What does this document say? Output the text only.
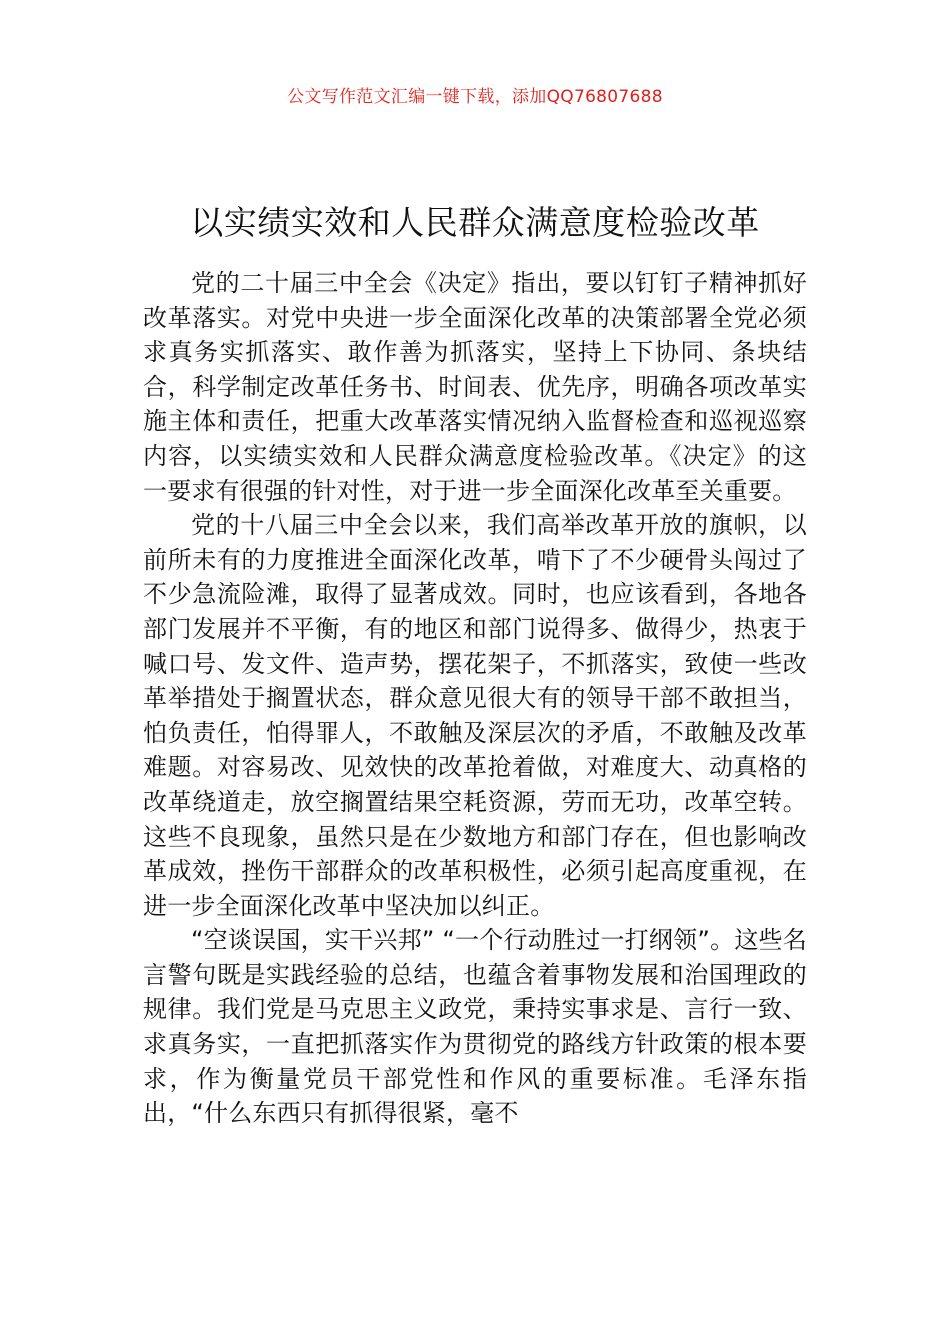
公文写作范文汇编一键下载，添加QQ76807688
以实绩实效和人民群众满意度检验改革

党的二十届三中全会《决定》指出，要以钉钉子精神抓好改革落实。对党中央进一步全面深化改革的决策部署全党必须求真务实抓落实、敢作善为抓落实，坚持上下协同、条块结合，科学制定改革任务书、时间表、优先序，明确各项改革实施主体和责任，把重大改革落实情况纳入监督检查和巡视巡察内容，以实绩实效和人民群众满意度检验改革。《决定》的这一要求有很强的针对性，对于进一步全面深化改革至关重要。

党的十八届三中全会以来，我们高举改革开放的旗帜，以前所未有的力度推进全面深化改革，啃下了不少硬骨头闯过了不少急流险滩，取得了显著成效。同时，也应该看到，各地各部门发展并不平衡，有的地区和部门说得多、做得少，热衷于喊口号、发文件、造声势，摆花架子，不抓落实，致使一些改革举措处于搁置状态，群众意见很大有的领导干部不敢担当，怕负责任，怕得罪人，不敢触及深层次的矛盾，不敢触及改革难题。对容易改、见效快的改革抢着做，对难度大、动真格的改革绕道走，放空搁置结果空耗资源，劳而无功，改革空转。这些不良现象，虽然只是在少数地方和部门存在，但也影响改革成效，挫伤干部群众的改革积极性，必须引起高度重视，在进一步全面深化改革中坚决加以纠正。

“空谈误国，实干兴邦” “一个行动胜过一打纲领”。这些名言警句既是实践经验的总结，也蕴含着事物发展和治国理政的规律。我们党是马克思主义政党，秉持实事求是、言行一致、求真务实，一直把抓落实作为贯彻党的路线方针政策的根本要求，作为衡量党员干部党性和作风的重要标准。毛泽东指出，“什么东西只有抓得很紧，毫不
